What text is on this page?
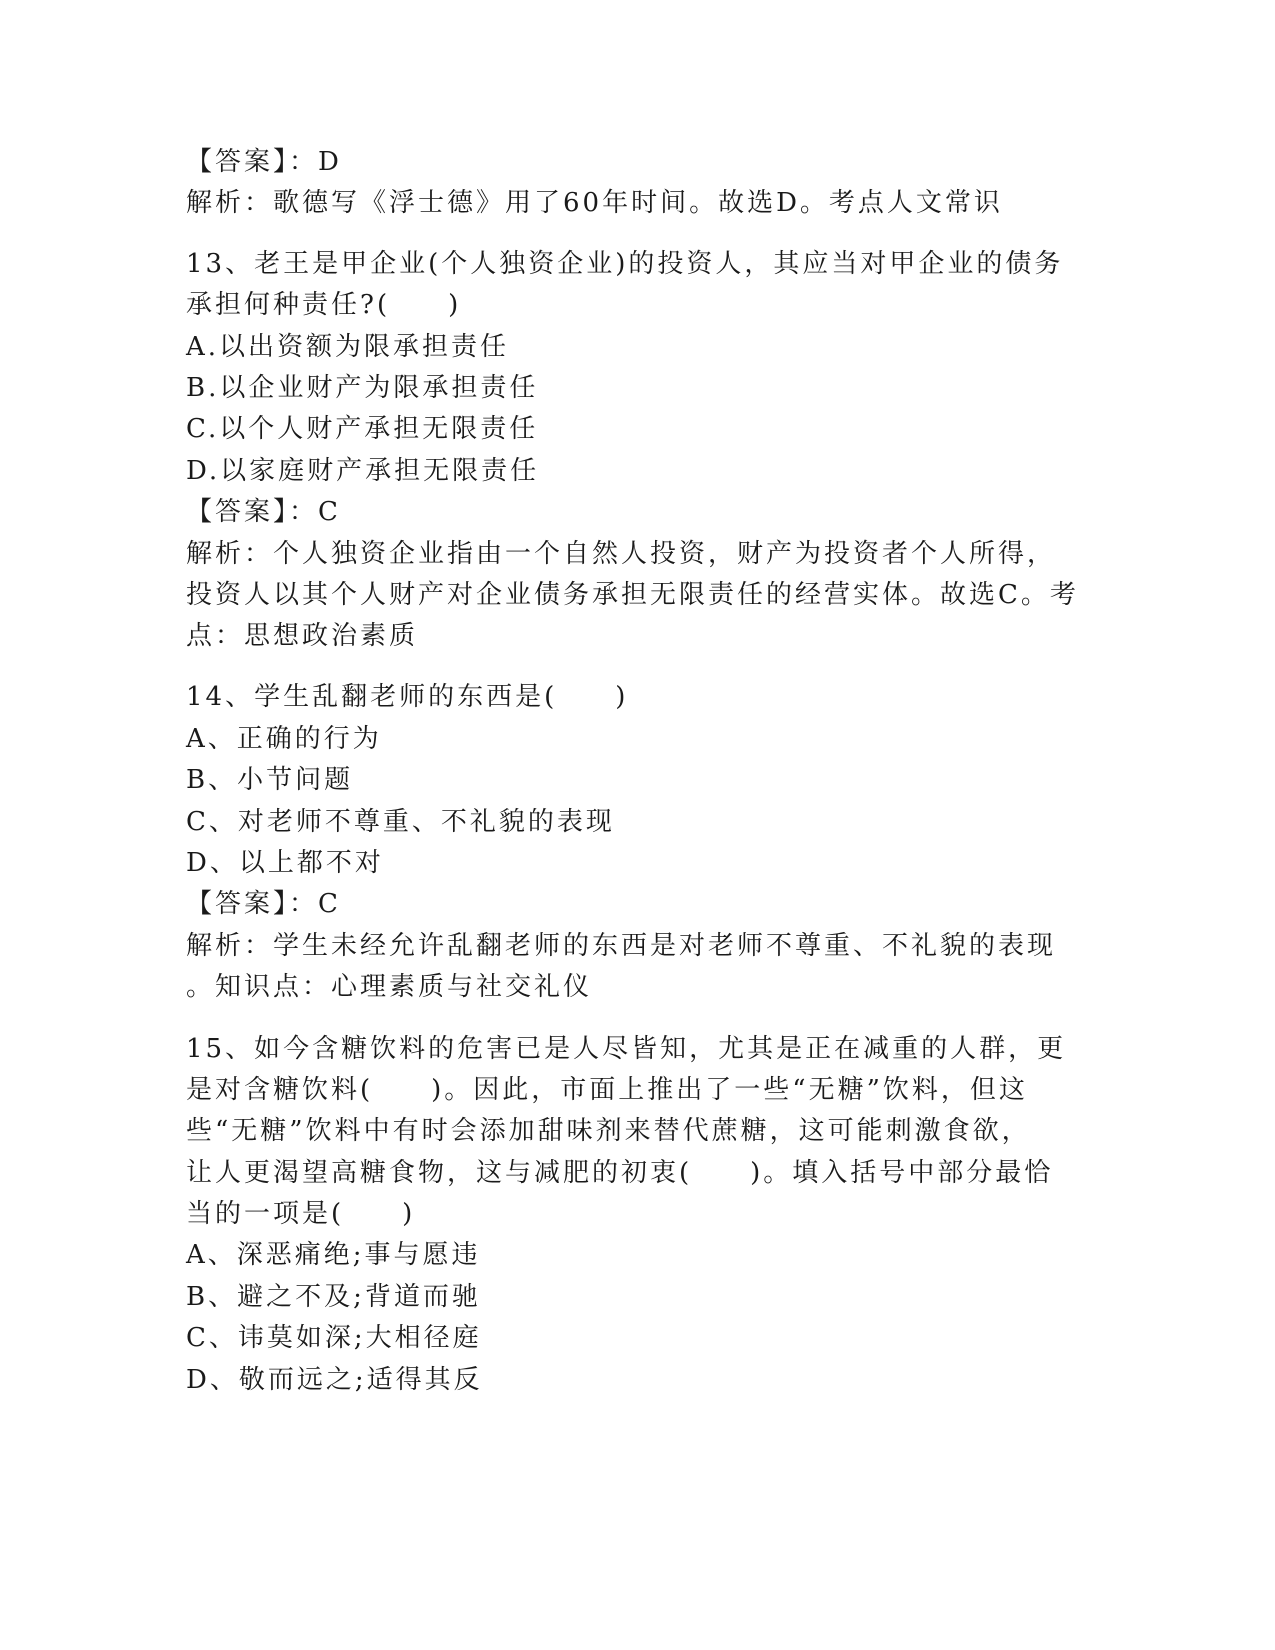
【答案】：D
解析：歌德写《浮士德》用了60年时间。故选D。考点人文常识
13、老王是甲企业(个人独资企业)的投资人，其应当对甲企业的债务
承担何种责任?(　　)
A.以出资额为限承担责任
B.以企业财产为限承担责任
C.以个人财产承担无限责任
D.以家庭财产承担无限责任
【答案】：C
解析：个人独资企业指由一个自然人投资，财产为投资者个人所得，
投资人以其个人财产对企业债务承担无限责任的经营实体。故选C。考
点：思想政治素质
14、学生乱翻老师的东西是(　　)
A、正确的行为
B、小节问题
C、对老师不尊重、不礼貌的表现
D、以上都不对
【答案】：C
解析：学生未经允许乱翻老师的东西是对老师不尊重、不礼貌的表现
。知识点：心理素质与社交礼仪
15、如今含糖饮料的危害已是人尽皆知，尤其是正在减重的人群，更
是对含糖饮料(　　)。因此，市面上推出了一些“无糖”饮料，但这
些“无糖”饮料中有时会添加甜味剂来替代蔗糖，这可能刺激食欲，
让人更渴望高糖食物，这与减肥的初衷(　　)。填入括号中部分最恰
当的一项是(　　)
A、深恶痛绝;事与愿违
B、避之不及;背道而驰
C、讳莫如深;大相径庭
D、敬而远之;适得其反
